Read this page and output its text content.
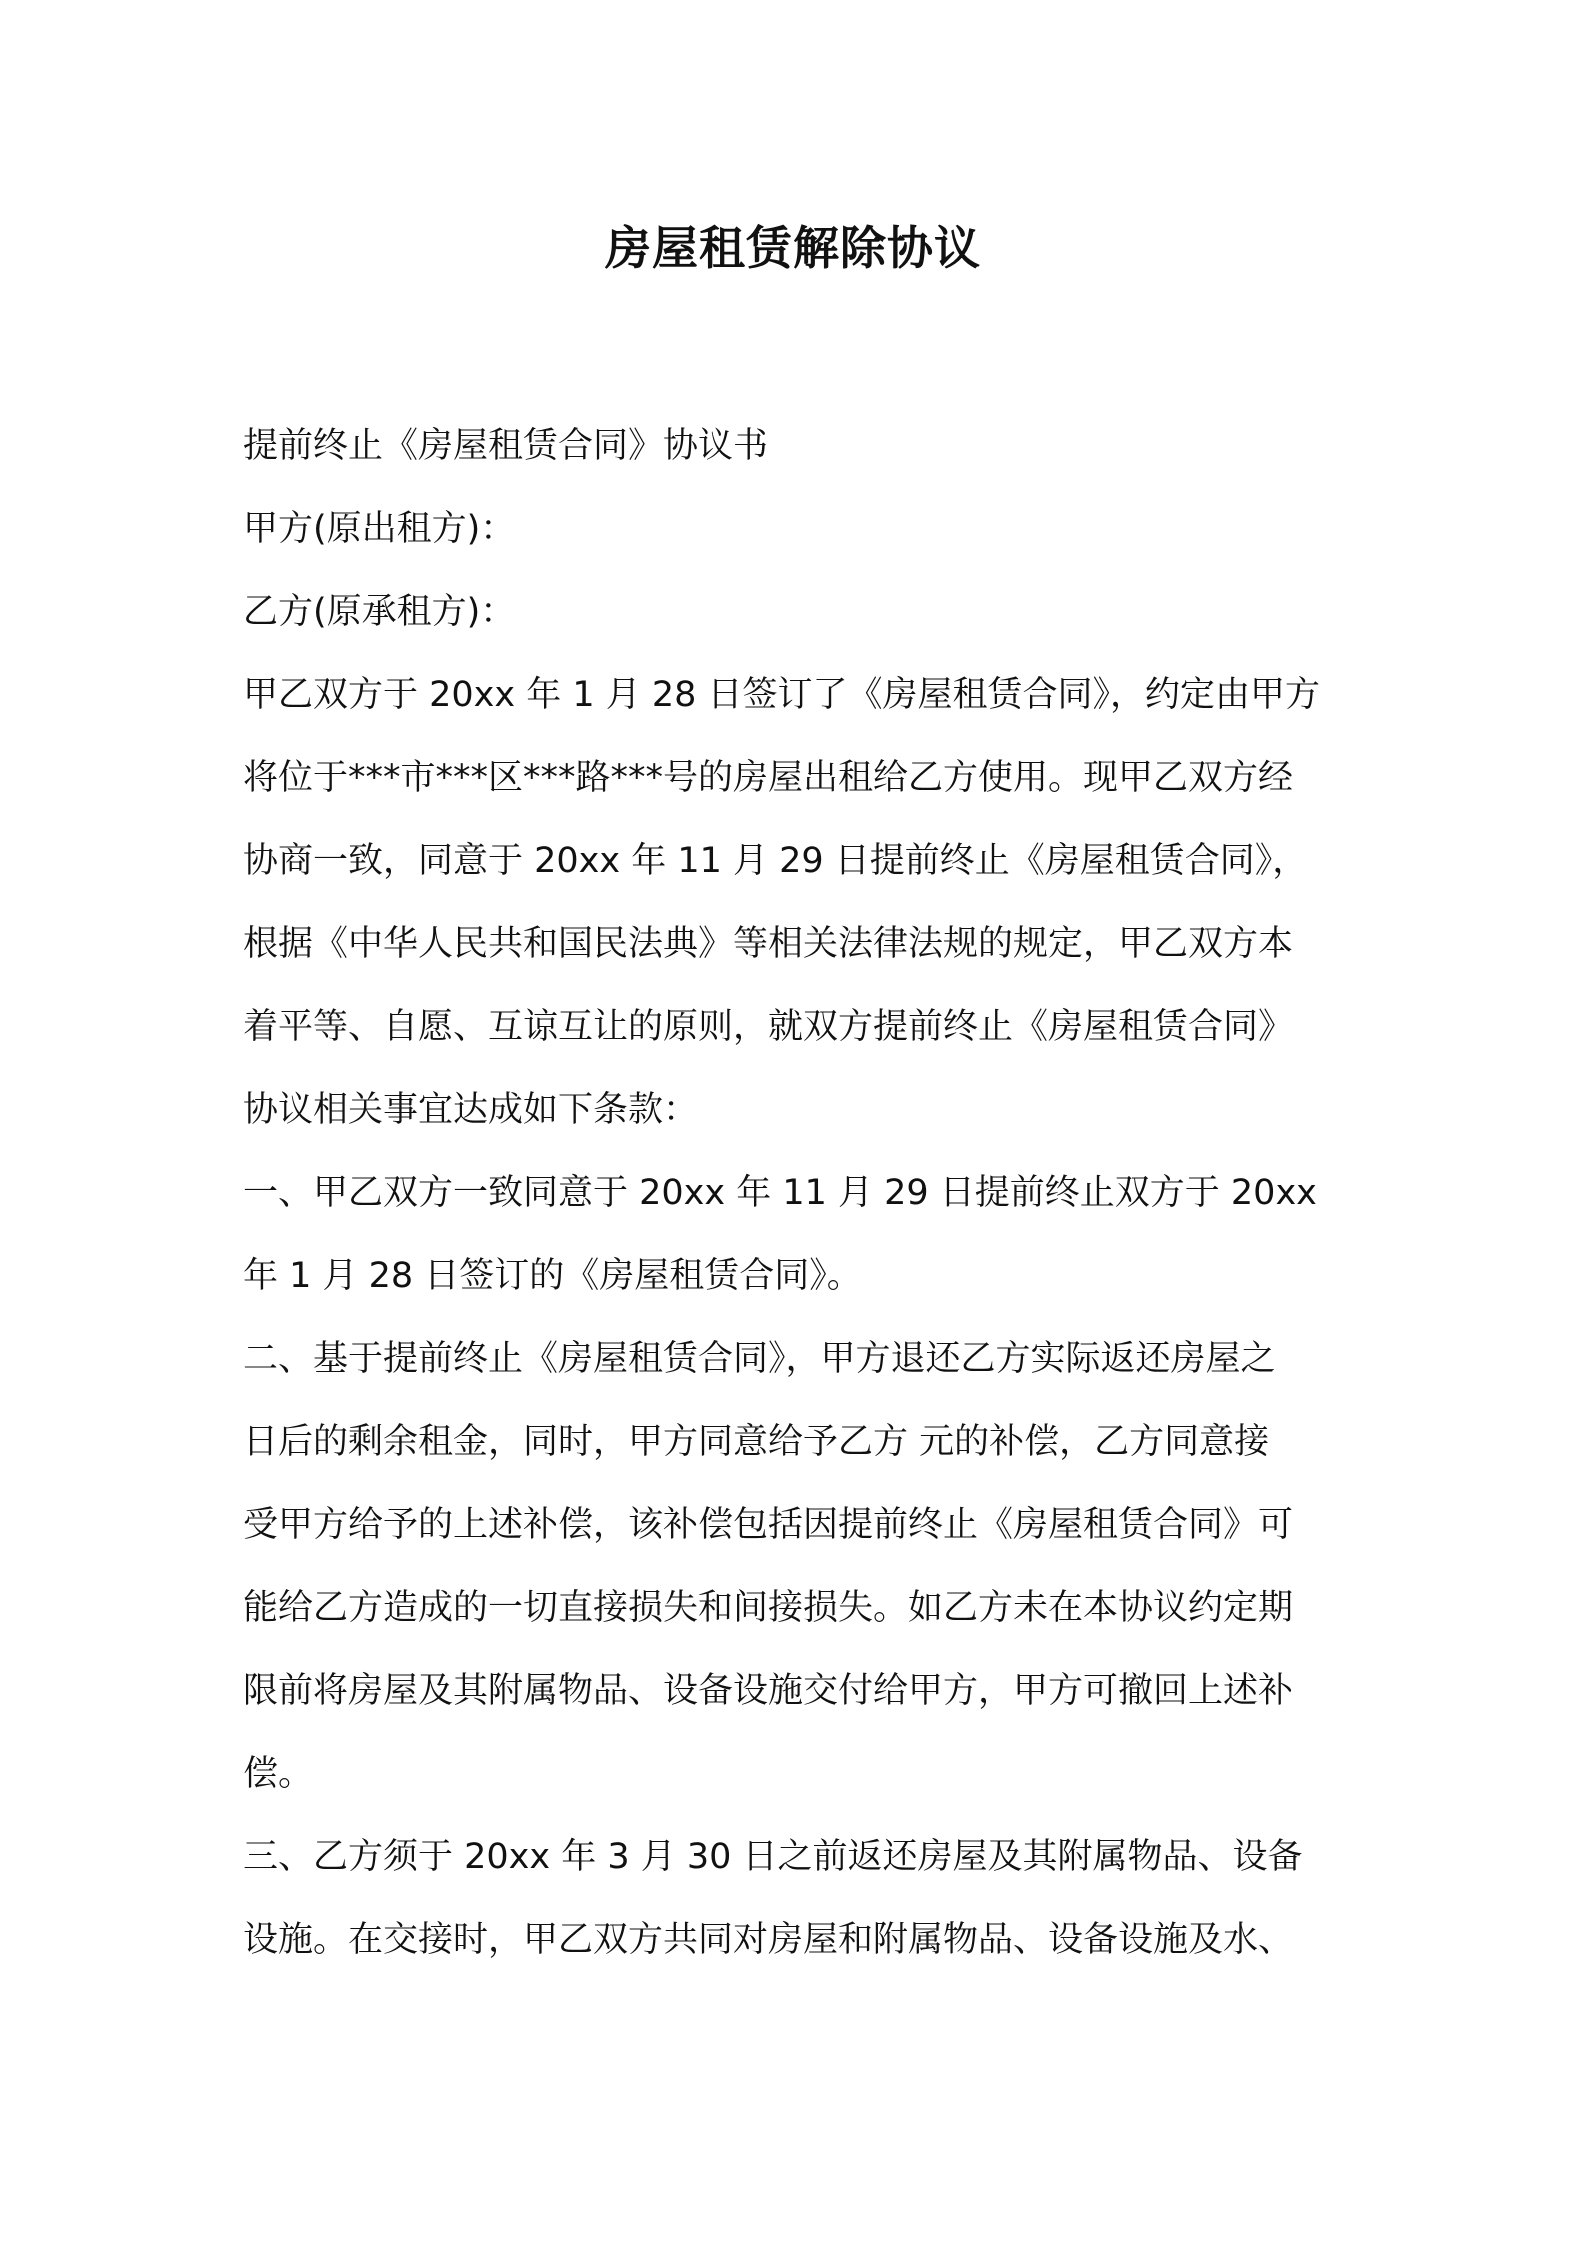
房屋租赁解除协议
提前终止《房屋租赁合同》协议书
甲方(原出租方)：
乙方(原承租方)：
甲乙双方于 20xx 年 1 月 28 日签订了《房屋租赁合同》，约定由甲方
将位于***市***区***路***号的房屋出租给乙方使用。现甲乙双方经
协商一致，同意于 20xx 年 11 月 29 日提前终止《房屋租赁合同》，
根据《中华人民共和国民法典》等相关法律法规的规定，甲乙双方本
着平等、自愿、互谅互让的原则，就双方提前终止《房屋租赁合同》
协议相关事宜达成如下条款：
一、甲乙双方一致同意于 20xx 年 11 月 29 日提前终止双方于 20xx
年 1 月 28 日签订的《房屋租赁合同》。
二、基于提前终止《房屋租赁合同》，甲方退还乙方实际返还房屋之
日后的剩余租金，同时，甲方同意给予乙方 元的补偿，乙方同意接
受甲方给予的上述补偿，该补偿包括因提前终止《房屋租赁合同》可
能给乙方造成的一切直接损失和间接损失。如乙方未在本协议约定期
限前将房屋及其附属物品、设备设施交付给甲方，甲方可撤回上述补
偿。
三、乙方须于 20xx 年 3 月 30 日之前返还房屋及其附属物品、设备
设施。在交接时，甲乙双方共同对房屋和附属物品、设备设施及水、
